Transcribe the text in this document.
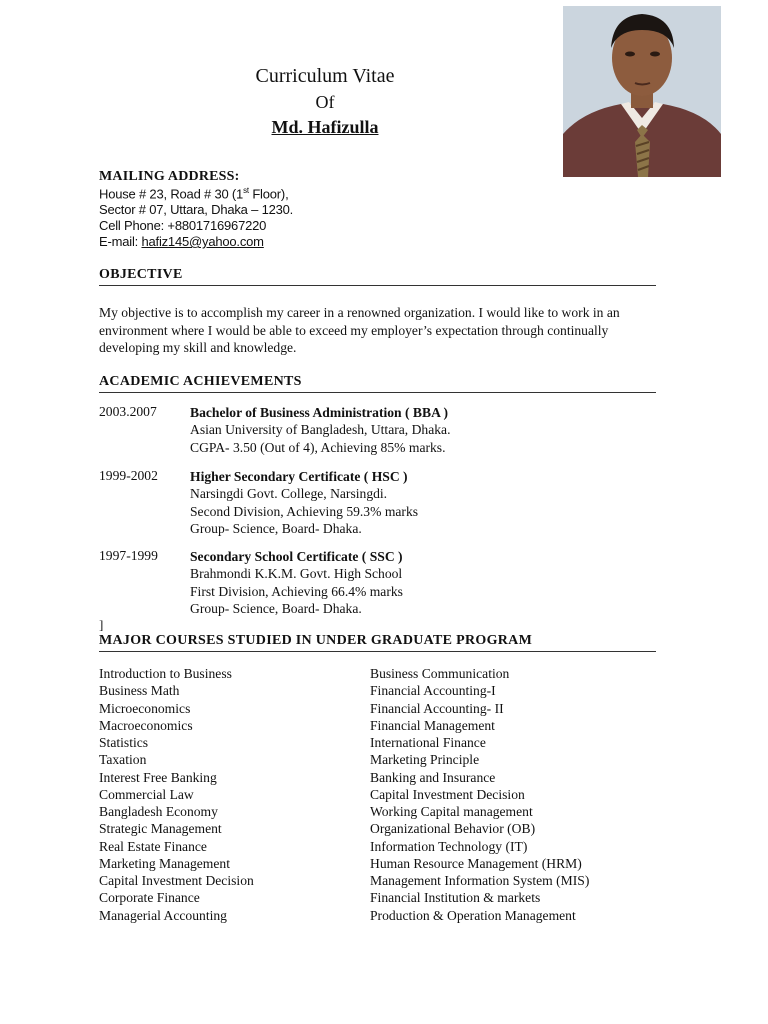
Curriculum Vitae
Of
Md. Hafizulla
MAILING ADDRESS:
House # 23, Road # 30 (1st Floor),
Sector # 07, Uttara, Dhaka – 1230.
Cell Phone: +8801716967220
E-mail: hafiz145@yahoo.com
OBJECTIVE
My objective is to accomplish my career in a renowned organization. I would like to work in an environment where I would be able to exceed my employer’s expectation through continually developing my skill and knowledge.
ACADEMIC ACHIEVEMENTS
2003.2007 Bachelor of Business Administration ( BBA )
Asian University of Bangladesh, Uttara, Dhaka.
CGPA- 3.50 (Out of 4), Achieving 85% marks.
1999-2002 Higher Secondary Certificate ( HSC )
Narsingdi Govt. College, Narsingdi.
Second Division, Achieving 59.3% marks
Group- Science, Board- Dhaka.
1997-1999 Secondary School Certificate ( SSC )
Brahmondi K.K.M. Govt. High School
First Division, Achieving 66.4% marks
Group- Science, Board- Dhaka.
]
MAJOR COURSES STUDIED IN UNDER GRADUATE PROGRAM
Introduction to Business
Business Math
Microeconomics
Macroeconomics
Statistics
Taxation
Interest Free Banking
Commercial Law
Bangladesh Economy
Strategic Management
Real Estate Finance
Marketing Management
Capital Investment Decision
Corporate Finance
Managerial Accounting
Business Communication
Financial Accounting-I
Financial Accounting- II
Financial Management
International Finance
Marketing Principle
Banking and Insurance
Capital Investment Decision
Working Capital management
Organizational Behavior (OB)
Information Technology (IT)
Human Resource Management (HRM)
Management Information System (MIS)
Financial Institution & markets
Production & Operation Management
